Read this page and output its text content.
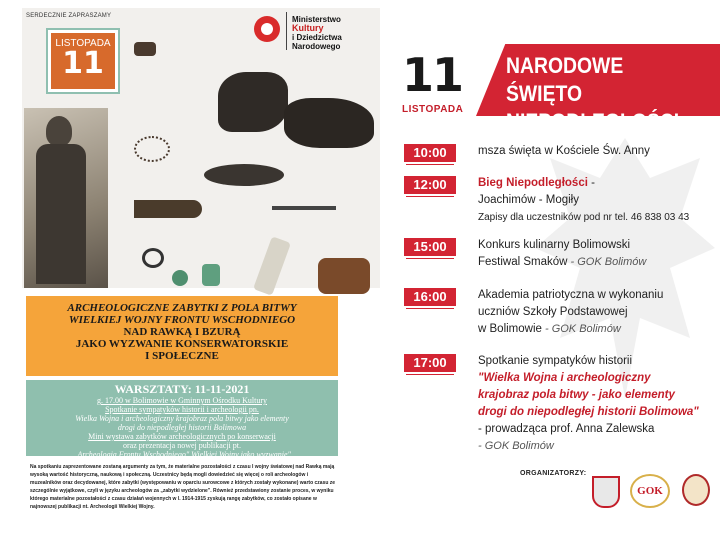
SERDECZNIE ZAPRASZAMY
LISTOPADA
11
Ministerstwo
Kultury
i Dziedzictwa
Narodowego

ARCHEOLOGICZNE ZABYTKI Z POLA BITWY

WIELKIEJ WOJNY FRONTU WSCHODNIEGO

NAD RAWKĄ I BZURĄ

JAKO WYZWANIE KONSERWATORSKIE

I SPOŁECZNE

WARSZTATY: 11-11-2021
g. 17.00 w Bolimowie w Gminnym Ośrodku Kultury
Spotkanie sympatyków historii i archeologii pn.
Wielka Wojna i archeologiczny krajobraz pola bitwy jako elementy
drogi do niepodległej historii Bolimowa
Mini wystawa zabytków archeologicznych po konserwacji
oraz prezentacja nowej publikacji pt.
„Archeologia Frontu Wschodniego" Wielkiej Wojny jako wyzwanie"
Na spotkaniu zaprezentowane zostaną argumenty za tym, że materialne pozostałości z czasu I wojny światowej nad Rawką mają wysoką wartość historyczną, naukową i społeczną. Uczestnicy będą mogli dowiedzieć się więcej o roli archeologów i muzealników oraz decydowanej, które zabytki (występowaniu w oparciu surowcowe z których zostały wykonane) warto czasu ze szczególnie wyjątkowe, czyli w języku archeologów za „zabytki wydzielone". Również przedstawiony zostanie proces, w wyniku którego materialne pozostałości z czasu działań wojennych w l. 1914-1915 zyskują rangę zabytków, co zostało opisane w najnowszej publikacji nt. Archeologii Wielkiej Wojny.
11
LISTOPADA
NARODOWE ŚWIĘTO
NIEPODLEGŁOŚCI
10:00	msza święta w Kościele Św. Anny
12:00	Bieg Niepodległości -
Joachimów - Mogiły
Zapisy dla uczestników pod nr tel. 46 838 03 43
15:00	Konkurs kulinarny Bolimowski
Festiwal Smaków - GOK Bolimów
16:00	Akademia patriotyczna w wykonaniu
uczniów Szkoły Podstawowej
w Bolimowie - GOK Bolimów
17:00	Spotkanie sympatyków historii
"Wielka Wojna i archeologiczny
krajobraz pola bitwy - jako elementy
drogi do niepodległej historii Bolimowa"
- prowadząca prof. Anna Zalewska
- GOK Bolimów
ORGANIZATORZY:
GOK
